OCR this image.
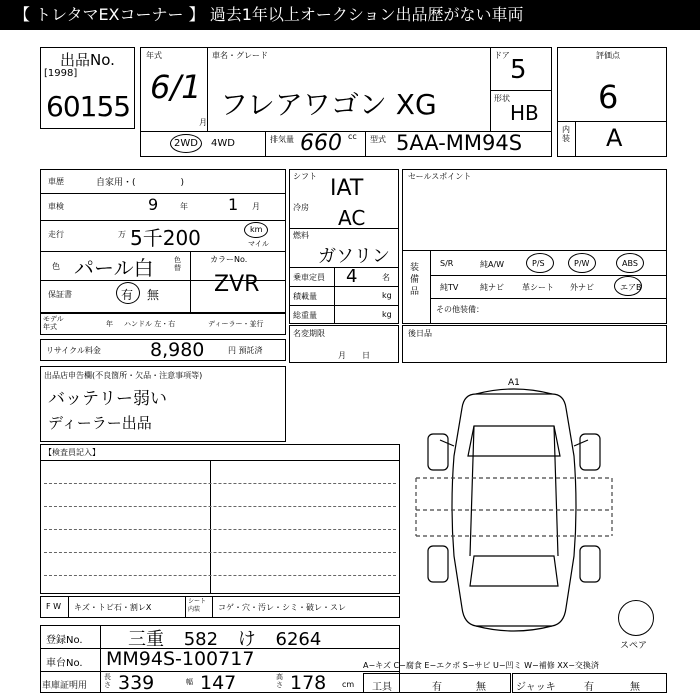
【 トレタマEXコーナー 】 過去1年以上オークション出品歴がない車両
出品No.
[1998]
60155
年式
6/1
月
車名・グレード
フレアワゴン XG
ドア 5
形状
HB
2WD 4WD	排気量 660 cc 型式 5AA-MM94S
評価点
6
内装 A
車歴	自家用・(　　　　　)
車検	9	年	1 月
走行	万 5千200	km
マイル
色 パール白	色替
カラーNo.
ZVR
保証書	有 無
モデル年式	年 ハンドル 左・右	ディーラー・並行
リサイクル料金	8,980	円 預託済
シフト IAT
冷房 AC
燃料
ガソリン
乗車定員 4	名
積載量	kg
総重量	kg
名変期限
月　　日
セールスポイント
装備品
S/R	純A/W	P/S	P/W	ABS
純TV	純ナビ 革シート 外ナビ	エアB
その他装備：
後日品
出品店申告欄(不良箇所・欠品・注意事項等)
バッテリー弱い
ディーラー出品
【検査員記入】
F W キズ・トビ石・割レX
シート内装	コゲ・穴・汚レ・シミ・破レ・スレ
登録No.	三重 582 け 6264
車台No. MM94S-100717
車庫証明用
長さ 339	幅 147	高さ 178 cm
A1
スペア
A−キズ C−腐食 E−エクボ S−サビ U−凹ミ W−補修 XX−交換済
工具	有	無	ジャッキ	有	無
